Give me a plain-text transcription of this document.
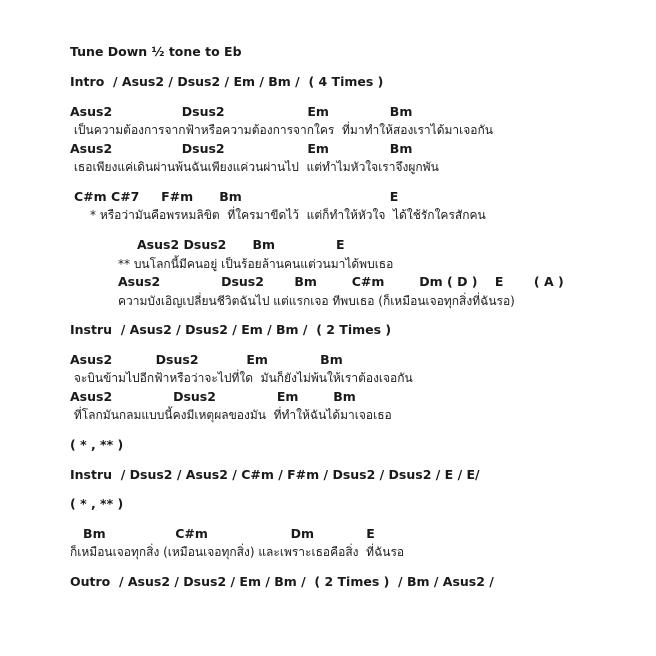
Tune Down ½ tone to Eb
Intro  / Asus2 / Dsus2 / Em / Bm /  ( 4 Times )
Asus2                Dsus2                   Em              Bm
เป็นความต้องการจากฟ้าหรือความต้องการจากใคร  ที่มาทำให้สองเราได้มาเจอกัน
Asus2                Dsus2                   Em              Bm
เธอเพียงแค่เดินผ่านพ้นฉันเพียงแค่วนผ่านไป  แต่ทำไมหัวใจเราจึงผูกพัน
C#m C#7     F#m      Bm                                  E
* หรือว่ามันคือพรหมลิขิต  ที่ใครมาขีดไว้  แต่ก็ทำให้หัวใจ  ได้ใช้รักใครสักคน
Asus2 Dsus2      Bm              E
** บนโลกนี้มีคนอยู่ เป็นร้อยล้านคนแต่วนมาได้พบเธอ
Asus2              Dsus2       Bm        C#m        Dm ( D )    E       ( A )
ความบังเอิญเปลี่ยนชีวิตฉันไป แต่แรกเจอ ทีพบเธอ (ก็เหมือนเจอทุกสิ่งที่ฉันรอ)
Instru  / Asus2 / Dsus2 / Em / Bm /  ( 2 Times )
Asus2          Dsus2           Em            Bm
จะบินข้ามไปอีกฟ้าหรือว่าจะไปที่ใด  มันก็ยังไม่พ้นให้เราต้องเจอกัน
Asus2              Dsus2              Em        Bm
ที่โลกมันกลมแบบนี้คงมีเหตุผลของมัน  ที่ทำให้ฉันได้มาเจอเธอ
( * , ** )
Instru  / Dsus2 / Asus2 / C#m / F#m / Dsus2 / Dsus2 / E / E/
( * , ** )
Bm                C#m                   Dm            E
ก็เหมือนเจอทุกสิ่ง (เหมือนเจอทุกสิ่ง) และเพราะเธอคือสิ่ง  ที่ฉันรอ
Outro  / Asus2 / Dsus2 / Em / Bm /  ( 2 Times )  / Bm / Asus2 /
